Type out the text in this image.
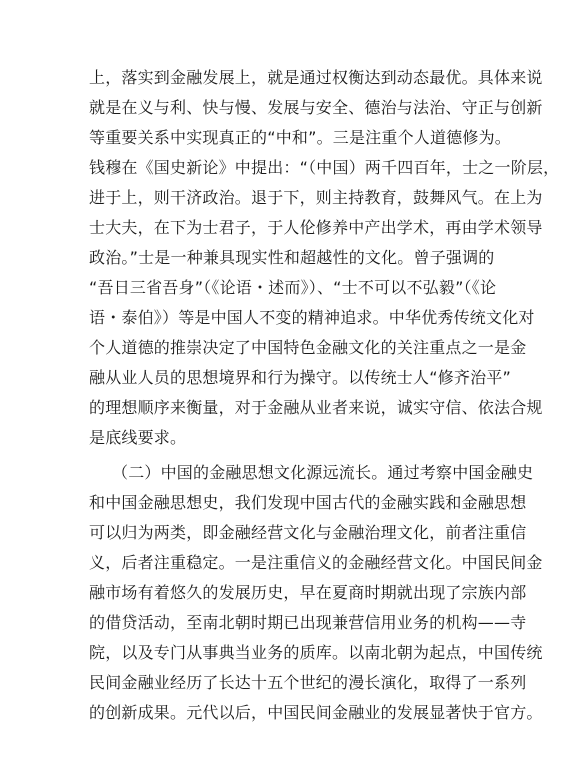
上，落实到金融发展上，就是通过权衡达到动态最优。具体来说
就是在义与利、快与慢、发展与安全、德治与法治、守正与创新
等重要关系中实现真正的“中和”。三是注重个人道德修为。
钱穆在《国史新论》中提出：“（中国）两千四百年，士之一阶层，
进于上，则干济政治。退于下，则主持教育，鼓舞风气。在上为
士大夫，在下为士君子，于人伦修养中产出学术，再由学术领导
政治。”士是一种兼具现实性和超越性的文化。曾子强调的
“吾日三省吾身”（《论语・述而》）、“士不可以不弘毅”（《论
语・泰伯》）等是中国人不变的精神追求。中华优秀传统文化对
个人道德的推崇决定了中国特色金融文化的关注重点之一是金
融从业人员的思想境界和行为操守。以传统士人“修齐治平”
的理想顺序来衡量，对于金融从业者来说，诚实守信、依法合规
是底线要求。
（二）中国的金融思想文化源远流长。通过考察中国金融史
和中国金融思想史，我们发现中国古代的金融实践和金融思想
可以归为两类，即金融经营文化与金融治理文化，前者注重信
义，后者注重稳定。一是注重信义的金融经营文化。中国民间金
融市场有着悠久的发展历史，早在夏商时期就出现了宗族内部
的借贷活动，至南北朝时期已出现兼营信用业务的机构——寺
院，以及专门从事典当业务的质库。以南北朝为起点，中国传统
民间金融业经历了长达十五个世纪的漫长演化，取得了一系列
的创新成果。元代以后，中国民间金融业的发展显著快于官方。
